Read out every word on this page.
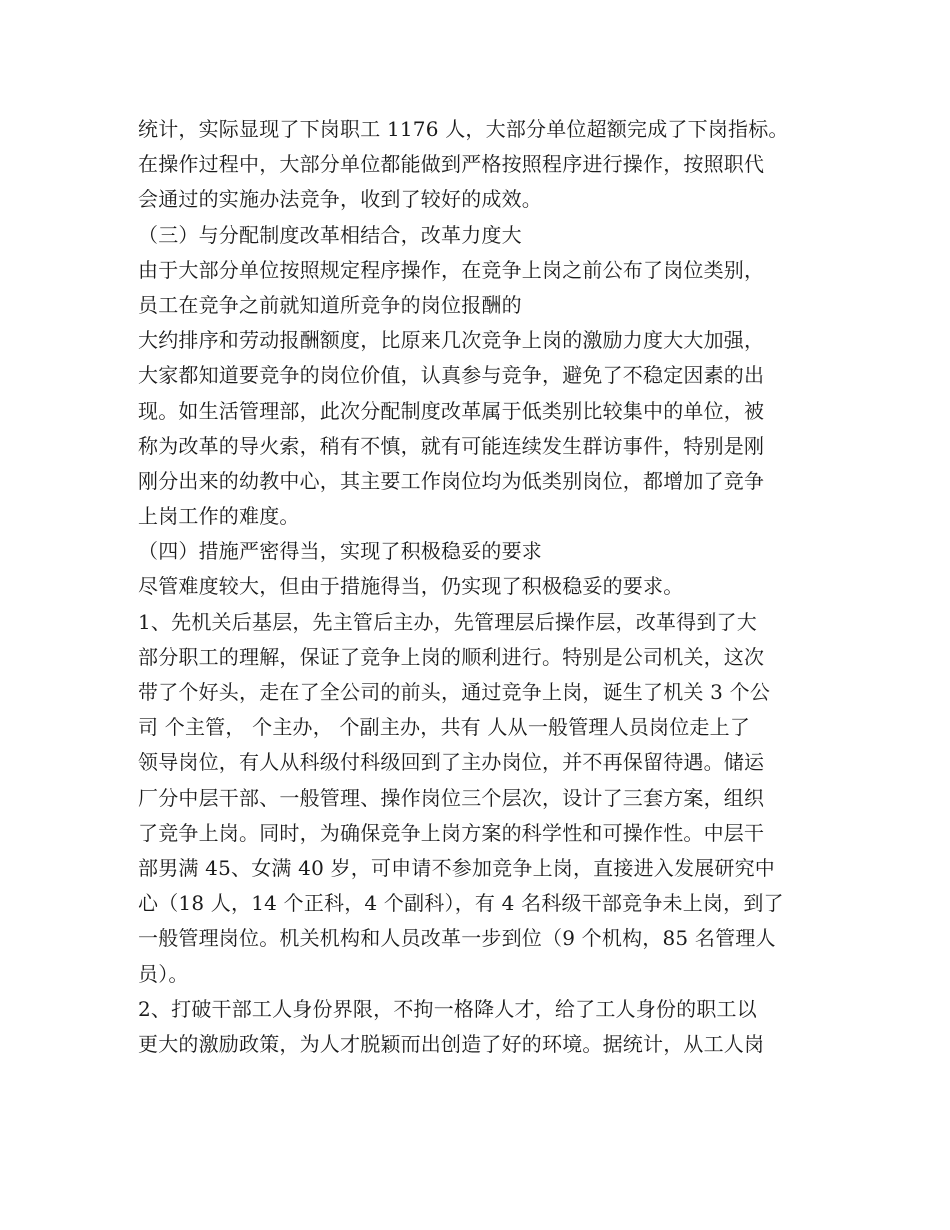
统计，实际显现了下岗职工 1176 人，大部分单位超额完成了下岗指标。
在操作过程中，大部分单位都能做到严格按照程序进行操作，按照职代
会通过的实施办法竞争，收到了较好的成效。
（三）与分配制度改革相结合，改革力度大
由于大部分单位按照规定程序操作，在竞争上岗之前公布了岗位类别，
员工在竞争之前就知道所竞争的岗位报酬的
大约排序和劳动报酬额度，比原来几次竞争上岗的激励力度大大加强，
大家都知道要竞争的岗位价值，认真参与竞争，避免了不稳定因素的出
现。如生活管理部，此次分配制度改革属于低类别比较集中的单位，被
称为改革的导火索，稍有不慎，就有可能连续发生群访事件，特别是刚
刚分出来的幼教中心，其主要工作岗位均为低类别岗位，都增加了竞争
上岗工作的难度。
（四）措施严密得当，实现了积极稳妥的要求
尽管难度较大，但由于措施得当，仍实现了积极稳妥的要求。
1、先机关后基层，先主管后主办，先管理层后操作层，改革得到了大
部分职工的理解，保证了竞争上岗的顺利进行。特别是公司机关，这次
带了个好头，走在了全公司的前头，通过竞争上岗，诞生了机关 3 个公
司 个主管， 个主办， 个副主办，共有 人从一般管理人员岗位走上了
领导岗位，有人从科级付科级回到了主办岗位，并不再保留待遇。储运
厂分中层干部、一般管理、操作岗位三个层次，设计了三套方案，组织
了竞争上岗。同时，为确保竞争上岗方案的科学性和可操作性。中层干
部男满 45、女满 40 岁，可申请不参加竞争上岗，直接进入发展研究中
心（18 人，14 个正科，4 个副科），有 4 名科级干部竞争未上岗，到了
一般管理岗位。机关机构和人员改革一步到位（9 个机构，85 名管理人
员）。
2、打破干部工人身份界限，不拘一格降人才，给了工人身份的职工以
更大的激励政策，为人才脱颖而出创造了好的环境。据统计，从工人岗
